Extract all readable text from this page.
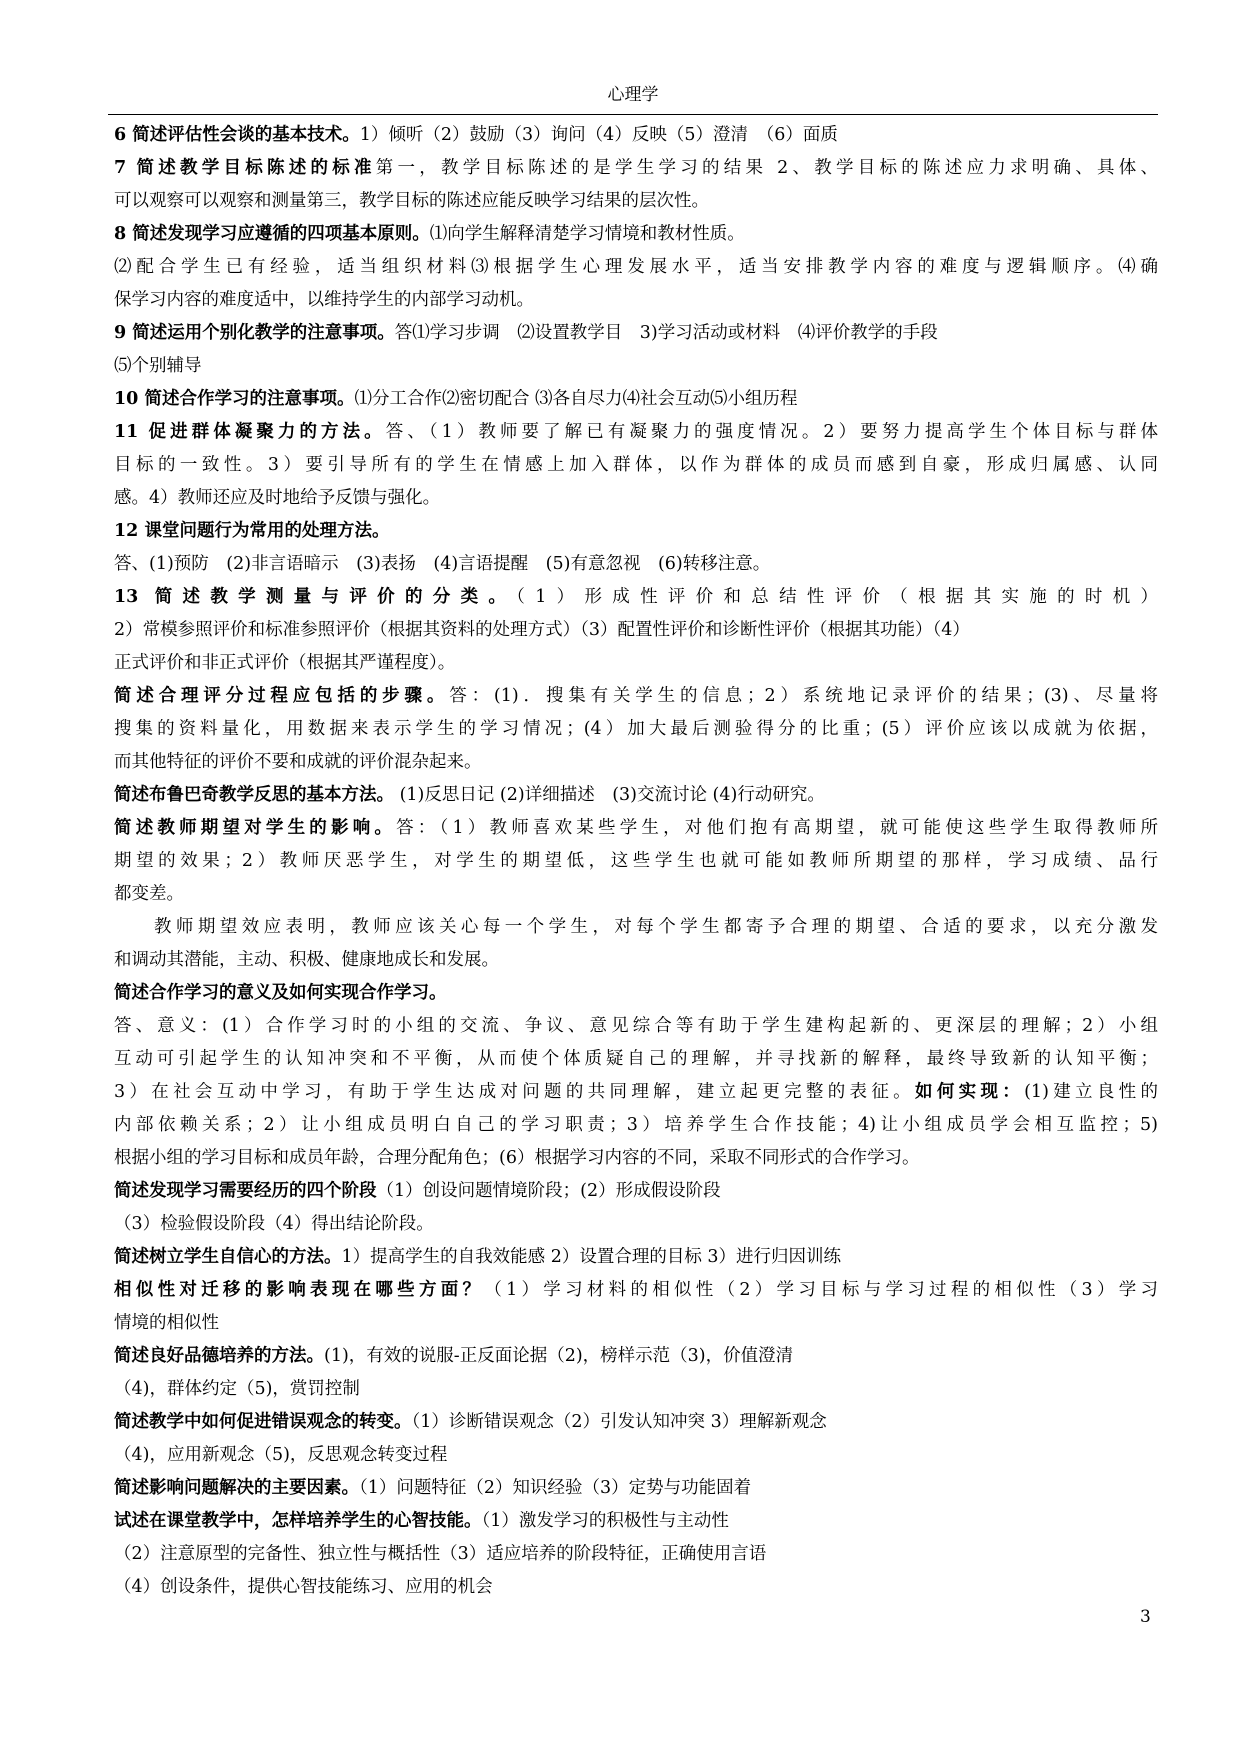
心理学
6 简述评估性会谈的基本技术。1）倾听（2）鼓励（3）询问（4）反映（5）澄清　（6）面质
7 简述教学目标陈述的标准第一，教学目标陈述的是学生学习的结果 2、教学目标的陈述应力求明确、具体、
可以观察可以观察和测量第三，教学目标的陈述应能反映学习结果的层次性。
8 简述发现学习应遵循的四项基本原则。⑴向学生解释清楚学习情境和教材性质。
⑵配合学生已有经验，适当组织材料⑶根据学生心理发展水平，适当安排教学内容的难度与逻辑顺序。⑷确
保学习内容的难度适中，以维持学生的内部学习动机。
9 简述运用个别化教学的注意事项。答⑴学习步调　⑵设置教学目　3)学习活动或材料　⑷评价教学的手段
⑸个别辅导
10 简述合作学习的注意事项。⑴分工合作⑵密切配合 ⑶各自尽力⑷社会互动⑸小组历程
11 促进群体凝聚力的方法。答、（1）教师要了解已有凝聚力的强度情况。2）要努力提高学生个体目标与群体
目标的一致性。3）要引导所有的学生在情感上加入群体，以作为群体的成员而感到自豪，形成归属感、认同
感。4）教师还应及时地给予反馈与强化。
12 课堂问题行为常用的处理方法。
答、(1)预防　(2)非言语暗示　(3)表扬　(4)言语提醒　(5)有意忽视　(6)转移注意。
13 简述教学测量与评价的分类。（1）形成性评价和总结性评价（根据其实施的时机）
2）常模参照评价和标准参照评价（根据其资料的处理方式）（3）配置性评价和诊断性评价（根据其功能）（4）
正式评价和非正式评价（根据其严谨程度）。
简述合理评分过程应包括的步骤。答：(1)．搜集有关学生的信息；2）系统地记录评价的结果；(3)、尽量将
搜集的资料量化，用数据来表示学生的学习情况；(4）加大最后测验得分的比重；(5）评价应该以成就为依据，
而其他特征的评价不要和成就的评价混杂起来。
简述布鲁巴奇教学反思的基本方法。 (1)反思日记 (2)详细描述　(3)交流讨论 (4)行动研究。
简述教师期望对学生的影响。答：（1）教师喜欢某些学生，对他们抱有高期望，就可能使这些学生取得教师所
期望的效果；2）教师厌恶学生，对学生的期望低，这些学生也就可能如教师所期望的那样，学习成绩、品行
都变差。
教师期望效应表明，教师应该关心每一个学生，对每个学生都寄予合理的期望、合适的要求，以充分激发
和调动其潜能，主动、积极、健康地成长和发展。
简述合作学习的意义及如何实现合作学习。
答、意义：(1）合作学习时的小组的交流、争议、意见综合等有助于学生建构起新的、更深层的理解；2）小组
互动可引起学生的认知冲突和不平衡，从而使个体质疑自己的理解，并寻找新的解释，最终导致新的认知平衡；
3）在社会互动中学习，有助于学生达成对问题的共同理解，建立起更完整的表征。如何实现：(1)建立良性的
内部依赖关系；2）让小组成员明白自己的学习职责；3）培养学生合作技能；4)让小组成员学会相互监控；5)
根据小组的学习目标和成员年龄，合理分配角色；(6）根据学习内容的不同，采取不同形式的合作学习。
简述发现学习需要经历的四个阶段（1）创设问题情境阶段；(2）形成假设阶段
（3）检验假设阶段（4）得出结论阶段。
简述树立学生自信心的方法。1）提高学生的自我效能感 2）设置合理的目标 3）进行归因训练
相似性对迁移的影响表现在哪些方面？（1）学习材料的相似性（2）学习目标与学习过程的相似性（3）学习
情境的相似性
简述良好品德培养的方法。(1)，有效的说服-正反面论据（2)，榜样示范（3)，价值澄清
（4)，群体约定（5)，赏罚控制
简述教学中如何促进错误观念的转变。（1）诊断错误观念（2）引发认知冲突 3）理解新观念
（4)，应用新观念（5)，反思观念转变过程
简述影响问题解决的主要因素。（1）问题特征（2）知识经验（3）定势与功能固着
试述在课堂教学中，怎样培养学生的心智技能。（1）激发学习的积极性与主动性
（2）注意原型的完备性、独立性与概括性（3）适应培养的阶段特征，正确使用言语
（4）创设条件，提供心智技能练习、应用的机会
3
